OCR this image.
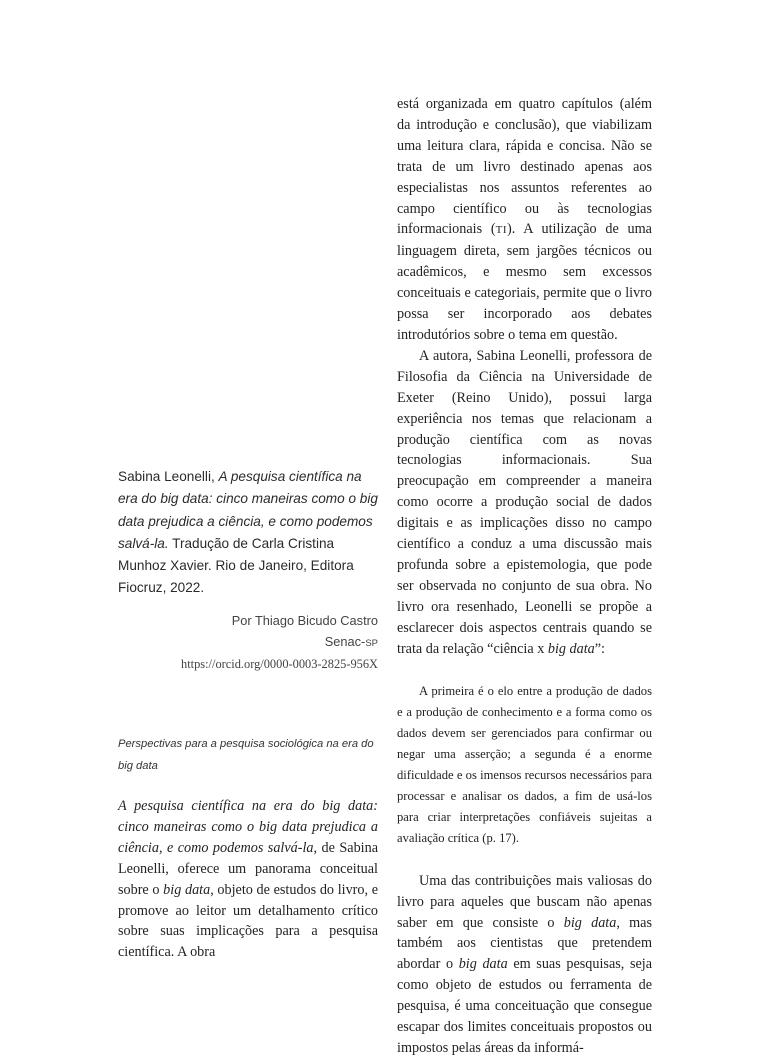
está organizada em quatro capítulos (além da introdução e conclusão), que viabilizam uma leitura clara, rápida e concisa. Não se trata de um livro destinado apenas aos especialistas nos assuntos referentes ao campo científico ou às tecnologias informacionais (TI). A utilização de uma linguagem direta, sem jargões técnicos ou acadêmicos, e mesmo sem excessos conceituais e categoriais, permite que o livro possa ser incorporado aos debates introdutórios sobre o tema em questão.

A autora, Sabina Leonelli, professora de Filosofia da Ciência na Universidade de Exeter (Reino Unido), possui larga experiência nos temas que relacionam a produção científica com as novas tecnologias informacionais. Sua preocupação em compreender a maneira como ocorre a produção social de dados digitais e as implicações disso no campo científico a conduz a uma discussão mais profunda sobre a epistemologia, que pode ser observada no conjunto de sua obra. No livro ora resenhado, Leonelli se propõe a esclarecer dois aspectos centrais quando se trata da relação “ciência x big data”:

A primeira é o elo entre a produção de dados e a produção de conhecimento e a forma como os dados devem ser gerenciados para confirmar ou negar uma asserção; a segunda é a enorme dificuldade e os imensos recursos necessários para processar e analisar os dados, a fim de usá-los para criar interpretações confiáveis sujeitas a avaliação crítica (p. 17).

Uma das contribuições mais valiosas do livro para aqueles que buscam não apenas saber em que consiste o big data, mas também aos cientistas que pretendem abordar o big data em suas pesquisas, seja como objeto de estudos ou ferramenta de pesquisa, é uma conceituação que consegue escapar dos limites conceituais propostos ou impostos pelas áreas da informá-

Sabina Leonelli, A pesquisa científica na era do big data: cinco maneiras como o big data prejudica a ciência, e como podemos salvá-la. Tradução de Carla Cristina Munhoz Xavier. Rio de Janeiro, Editora Fiocruz, 2022.
Por Thiago Bicudo Castro
Senac-SP
https://orcid.org/0000-0003-2825-956X
Perspectivas para a pesquisa sociológica na era do big data

A pesquisa científica na era do big data: cinco maneiras como o big data prejudica a ciência, e como podemos salvá-la, de Sabina Leonelli, oferece um panorama conceitual sobre o big data, objeto de estudos do livro, e promove ao leitor um detalhamento crítico sobre suas implicações para a pesquisa científica. A obra
